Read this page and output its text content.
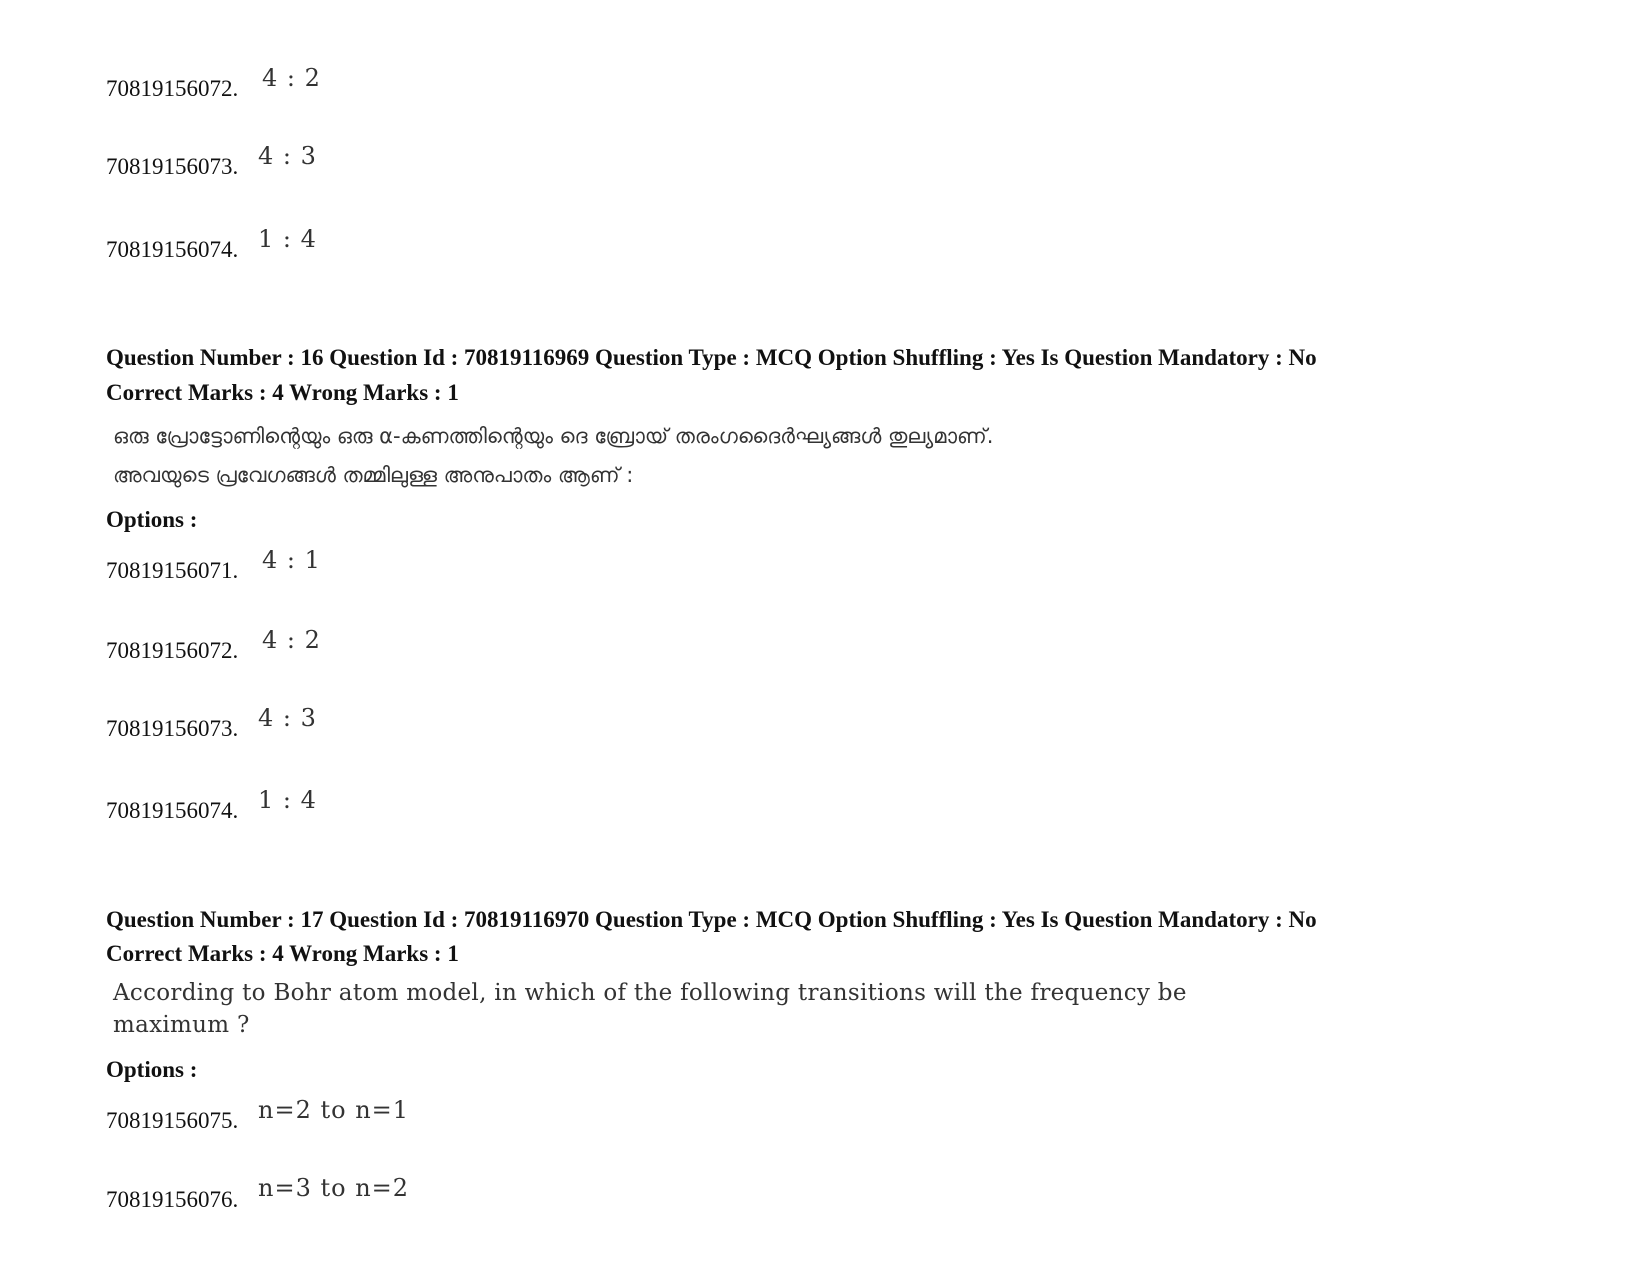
70819156072. 4 : 2
70819156073. 4 : 3
70819156074. 1 : 4
Question Number : 16 Question Id : 70819116969 Question Type : MCQ Option Shuffling : Yes Is Question Mandatory : No
Correct Marks : 4 Wrong Marks : 1
ഒരു പ്രോട്ടോണിന്റെയും ഒരു α-കണത്തിന്റെയും ദെ ബ്രോയ് തരംഗദൈർഘ്യങ്ങൾ തുല്യമാണ്.
അവയുടെ പ്രവേഗങ്ങൾ തമ്മിലുള്ള അനുപാതം ആണ് :
Options :
70819156071. 4 : 1
70819156072. 4 : 2
70819156073. 4 : 3
70819156074. 1 : 4
Question Number : 17 Question Id : 70819116970 Question Type : MCQ Option Shuffling : Yes Is Question Mandatory : No
Correct Marks : 4 Wrong Marks : 1
According to Bohr atom model, in which of the following transitions will the frequency be
maximum ?
Options :
70819156075. n=2 to n=1
70819156076. n=3 to n=2
